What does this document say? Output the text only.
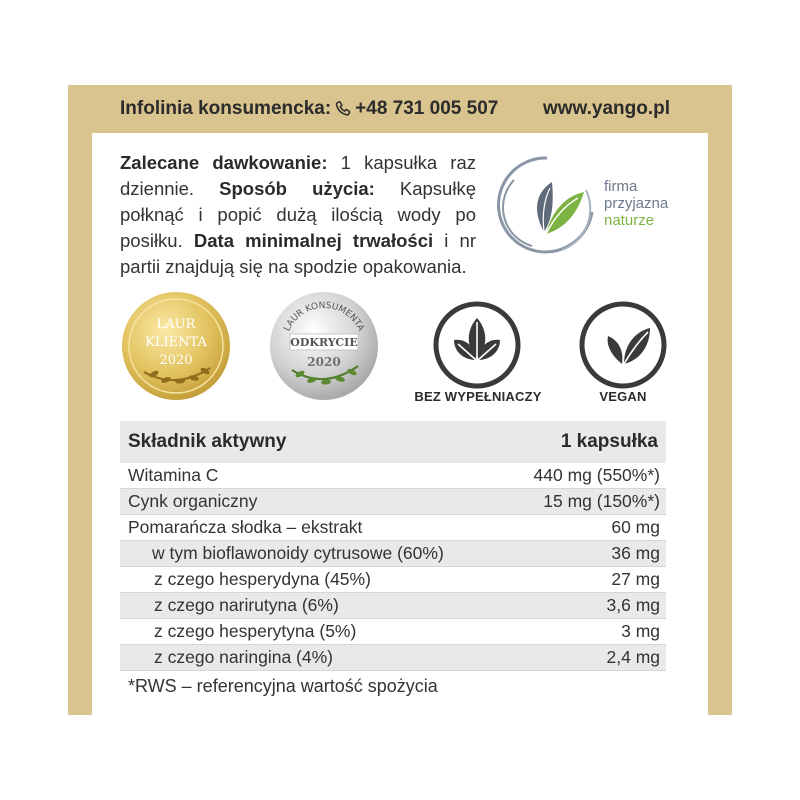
Infolinia konsumencka: +48 731 005 507 www.yango.pl
Zalecane dawkowanie: 1 kapsułka raz dziennie. Sposób użycia: Kapsułkę połknąć i popić dużą ilością wody po posiłku. Data minimalnej trwałości i nr partii znajdują się na spodzie opakowania.
firma
przyjazna
naturze
LAUR
KLIENTA
2020
LAUR KONSUMENTA
ODKRYCIE
2020
BEZ WYPEŁNIACZY	VEGAN
Składnik aktywny	1 kapsułka
Witamina C	440 mg (550%*)
Cynk organiczny	15 mg (150%*)
Pomarańcza słodka – ekstrakt	60 mg
w tym bioflawonoidy cytrusowe (60%)	36 mg
z czego hesperydyna (45%)	27 mg
z czego narirutyna (6%)	3,6 mg
z czego hesperytyna (5%)	3 mg
z czego naringina (4%)	2,4 mg
*RWS – referencyjna wartość spożycia
